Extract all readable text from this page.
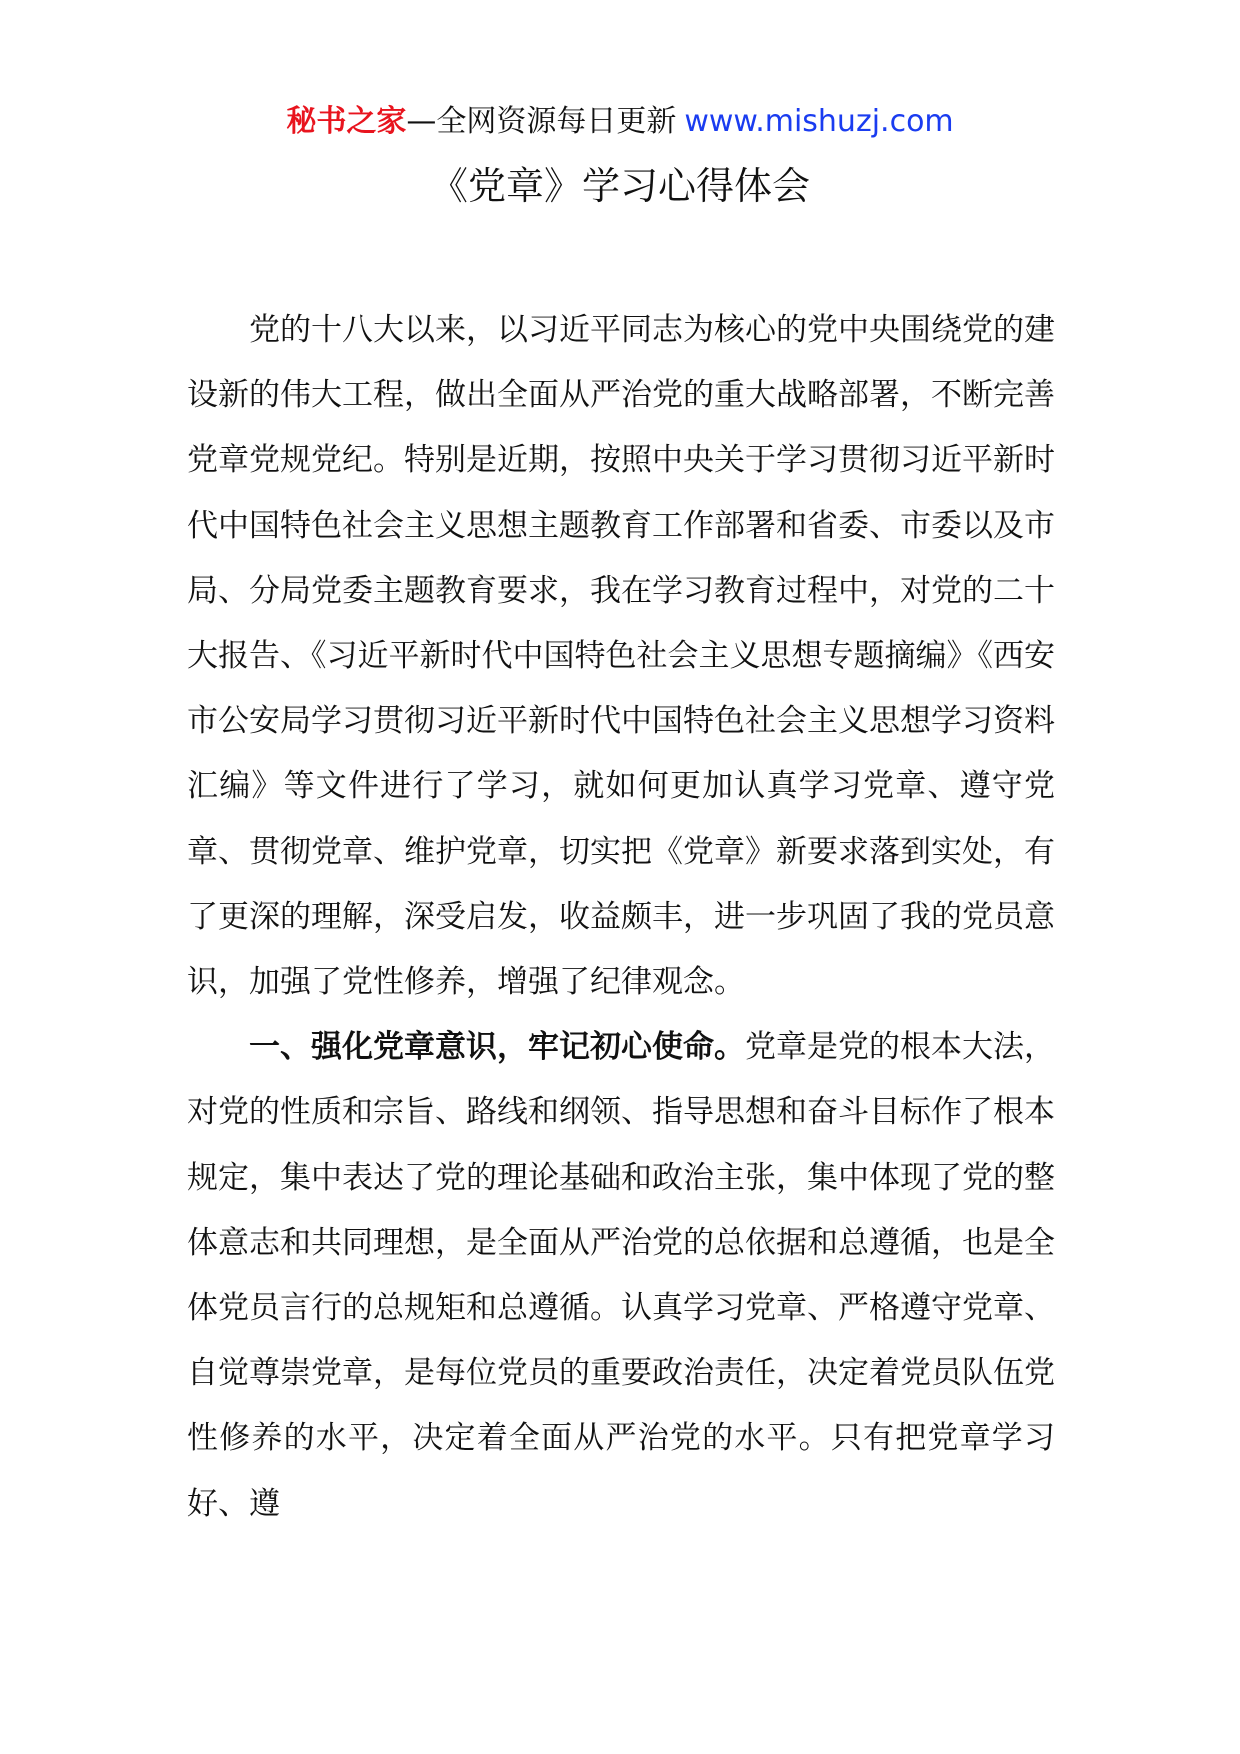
秘书之家—全网资源每日更新 www.mishuzj.com
《党章》学习心得体会

党的十八大以来，以习近平同志为核心的党中央围绕党的建设新的伟大工程，做出全面从严治党的重大战略部署，不断完善党章党规党纪。特别是近期，按照中央关于学习贯彻习近平新时代中国特色社会主义思想主题教育工作部署和省委、市委以及市局、分局党委主题教育要求，我在学习教育过程中，对党的二十大报告、《习近平新时代中国特色社会主义思想专题摘编》《西安市公安局学习贯彻习近平新时代中国特色社会主义思想学习资料汇编》等文件进行了学习，就如何更加认真学习党章、遵守党章、贯彻党章、维护党章，切实把《党章》新要求落到实处，有了更深的理解，深受启发，收益颇丰，进一步巩固了我的党员意识，加强了党性修养，增强了纪律观念。

一、强化党章意识，牢记初心使命。党章是党的根本大法，对党的性质和宗旨、路线和纲领、指导思想和奋斗目标作了根本规定，集中表达了党的理论基础和政治主张，集中体现了党的整体意志和共同理想，是全面从严治党的总依据和总遵循，也是全体党员言行的总规矩和总遵循。认真学习党章、严格遵守党章、自觉尊崇党章，是每位党员的重要政治责任，决定着党员队伍党性修养的水平，决定着全面从严治党的水平。只有把党章学习好、遵
